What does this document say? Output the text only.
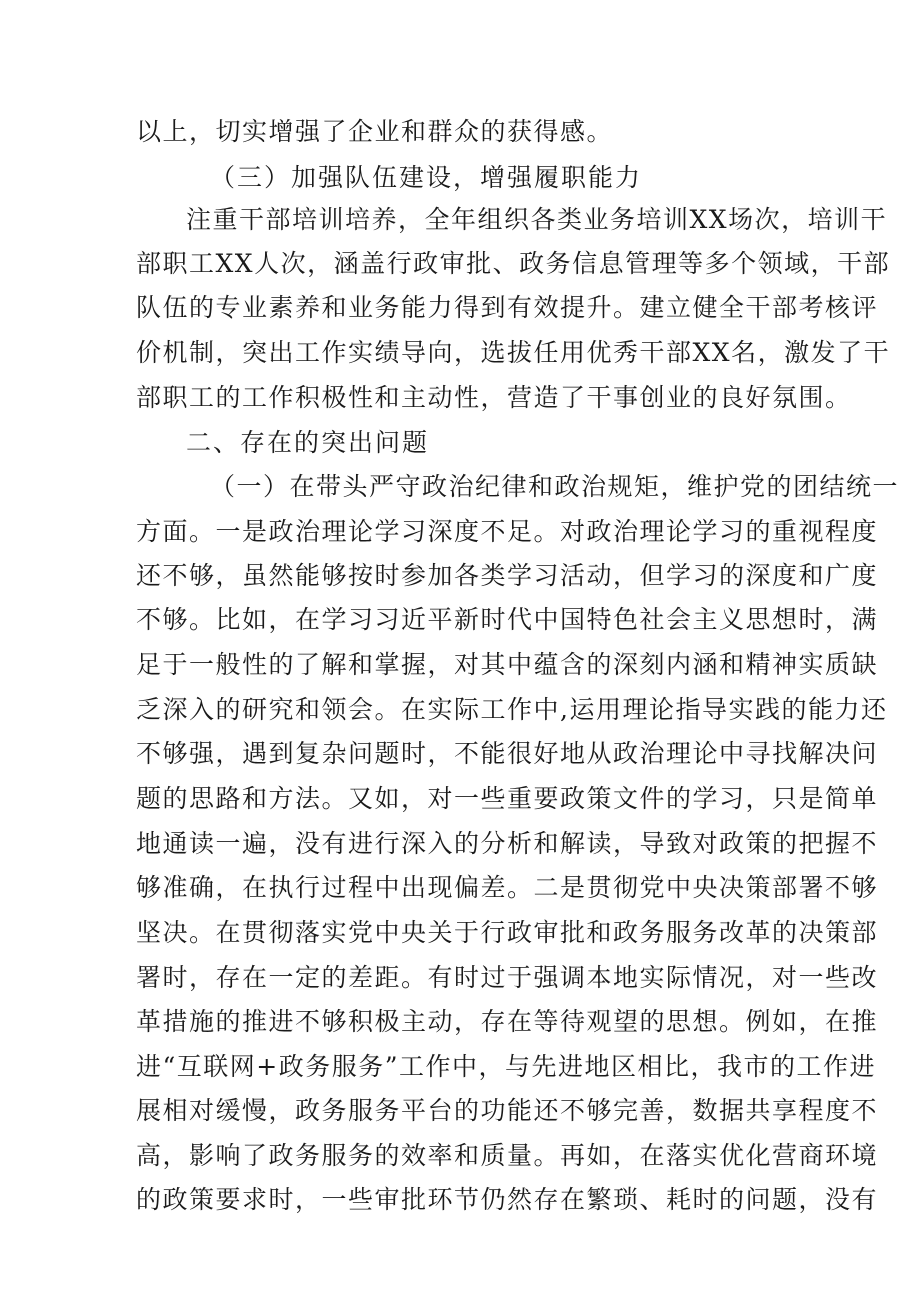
以上，切实增强了企业和群众的获得感。
（三）加强队伍建设，增强履职能力
注重干部培训培养，全年组织各类业务培训XX场次，培训干
部职工XX人次，涵盖行政审批、政务信息管理等多个领域，干部
队伍的专业素养和业务能力得到有效提升。建立健全干部考核评
价机制，突出工作实绩导向，选拔任用优秀干部XX名，激发了干
部职工的工作积极性和主动性，营造了干事创业的良好氛围。
二、存在的突出问题
（一）在带头严守政治纪律和政治规矩，维护党的团结统一
方面。一是政治理论学习深度不足。对政治理论学习的重视程度
还不够，虽然能够按时参加各类学习活动，但学习的深度和广度
不够。比如，在学习习近平新时代中国特色社会主义思想时，满
足于一般性的了解和掌握，对其中蕴含的深刻内涵和精神实质缺
乏深入的研究和领会。在实际工作中,运用理论指导实践的能力还
不够强，遇到复杂问题时，不能很好地从政治理论中寻找解决问
题的思路和方法。又如，对一些重要政策文件的学习，只是简单
地通读一遍，没有进行深入的分析和解读，导致对政策的把握不
够准确，在执行过程中出现偏差。二是贯彻党中央决策部署不够
坚决。在贯彻落实党中央关于行政审批和政务服务改革的决策部
署时，存在一定的差距。有时过于强调本地实际情况，对一些改
革措施的推进不够积极主动，存在等待观望的思想。例如，在推
进“互联网+政务服务”工作中，与先进地区相比，我市的工作进
展相对缓慢，政务服务平台的功能还不够完善，数据共享程度不
高，影响了政务服务的效率和质量。再如，在落实优化营商环境
的政策要求时，一些审批环节仍然存在繁琐、耗时的问题，没有
